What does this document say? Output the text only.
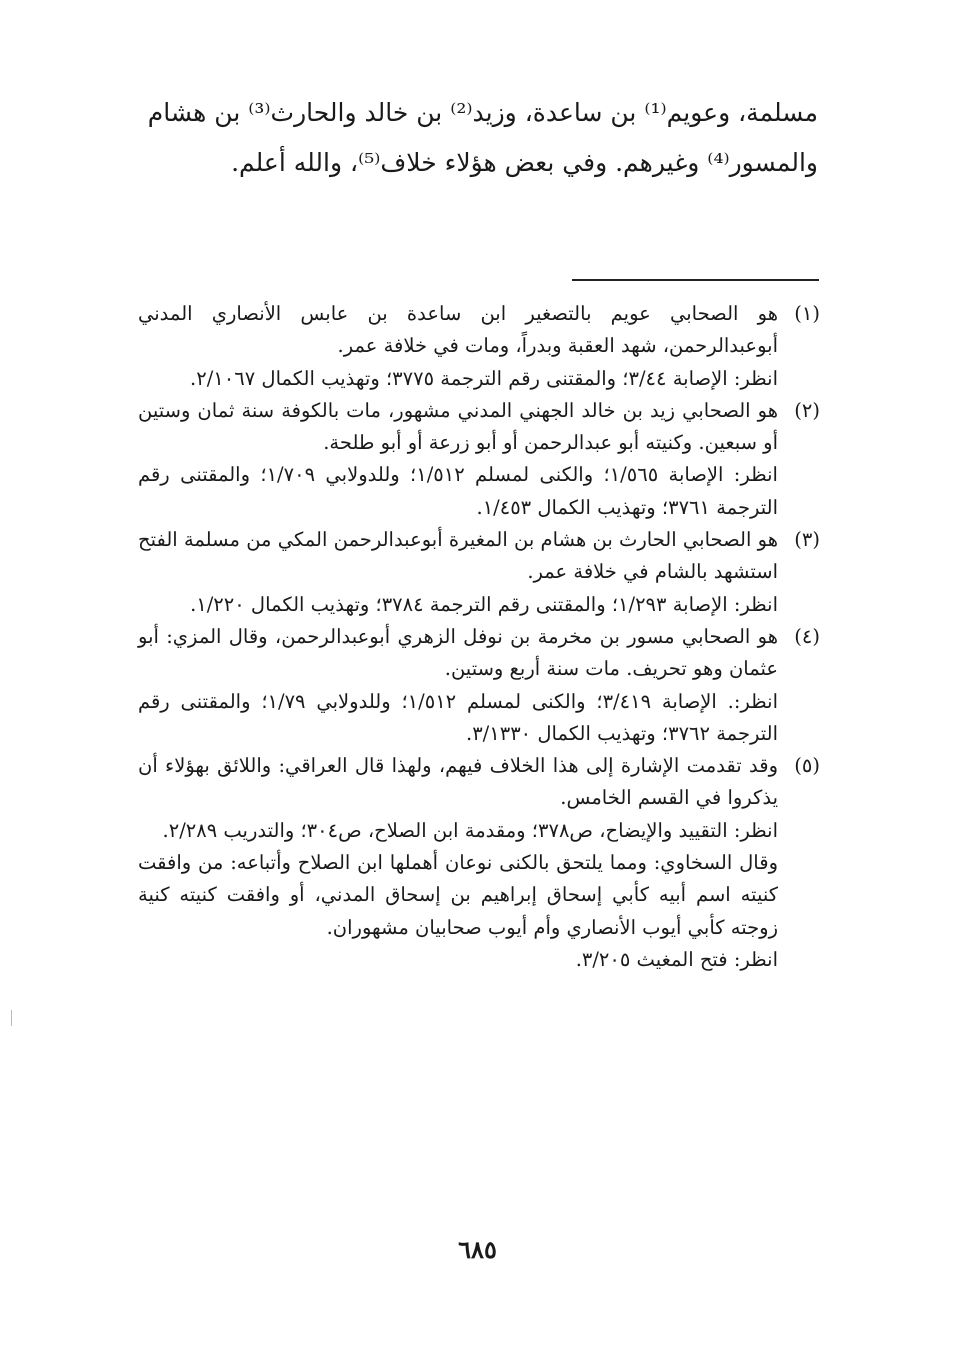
مسلمة، وعويم⁽¹⁾ بن ساعدة، وزيد⁽²⁾ بن خالد والحارث⁽³⁾ بن هشام
والمسور⁽⁴⁾ وغيرهم. وفي بعض هؤلاء خلاف⁽⁵⁾، والله أعلم.
(١)

هو الصحابي عويم بالتصغير ابن ساعدة بن عابس الأنصاري المدني أبوعبدالرحمن، شهد العقبة وبدراً، ومات في خلافة عمر.

انظر: الإصابة ٣/٤٤؛ والمقتنى رقم الترجمة ٣٧٧٥؛ وتهذيب الكمال ٢/١٠٦٧.

(٢)

هو الصحابي زيد بن خالد الجهني المدني مشهور، مات بالكوفة سنة ثمان وستين أو سبعين. وكنيته أبو عبدالرحمن أو أبو زرعة أو أبو طلحة.

انظر: الإصابة ١/٥٦٥؛ والكنى لمسلم ١/٥١٢؛ وللدولابي ١/٧٠٩؛ والمقتنى رقم الترجمة ٣٧٦١؛ وتهذيب الكمال ١/٤٥٣.

(٣)

هو الصحابي الحارث بن هشام بن المغيرة أبوعبدالرحمن المكي من مسلمة الفتح استشهد بالشام في خلافة عمر.

انظر: الإصابة ١/٢٩٣؛ والمقتنى رقم الترجمة ٣٧٨٤؛ وتهذيب الكمال ١/٢٢٠.

(٤)

هو الصحابي مسور بن مخرمة بن نوفل الزهري أبوعبدالرحمن، وقال المزي: أبو عثمان وهو تحريف. مات سنة أربع وستين.

انظر:. الإصابة ٣/٤١٩؛ والكنى لمسلم ١/٥١٢؛ وللدولابي ١/٧٩؛ والمقتنى رقم الترجمة ٣٧٦٢؛ وتهذيب الكمال ٣/١٣٣٠.

(٥)

وقد تقدمت الإشارة إلى هذا الخلاف فيهم، ولهذا قال العراقي: واللائق بهؤلاء أن يذكروا في القسم الخامس.

انظر: التقييد والإيضاح، ص٣٧٨؛ ومقدمة ابن الصلاح، ص٣٠٤؛ والتدريب ٢/٢٨٩.

وقال السخاوي: ومما يلتحق بالكنى نوعان أهملها ابن الصلاح وأتباعه: من وافقت كنيته اسم أبيه كأبي إسحاق إبراهيم بن إسحاق المدني، أو وافقت كنيته كنية زوجته كأبي أيوب الأنصاري وأم أيوب صحابيان مشهوران.

انظر: فتح المغيث ٣/٢٠٥.

٦٨٥
